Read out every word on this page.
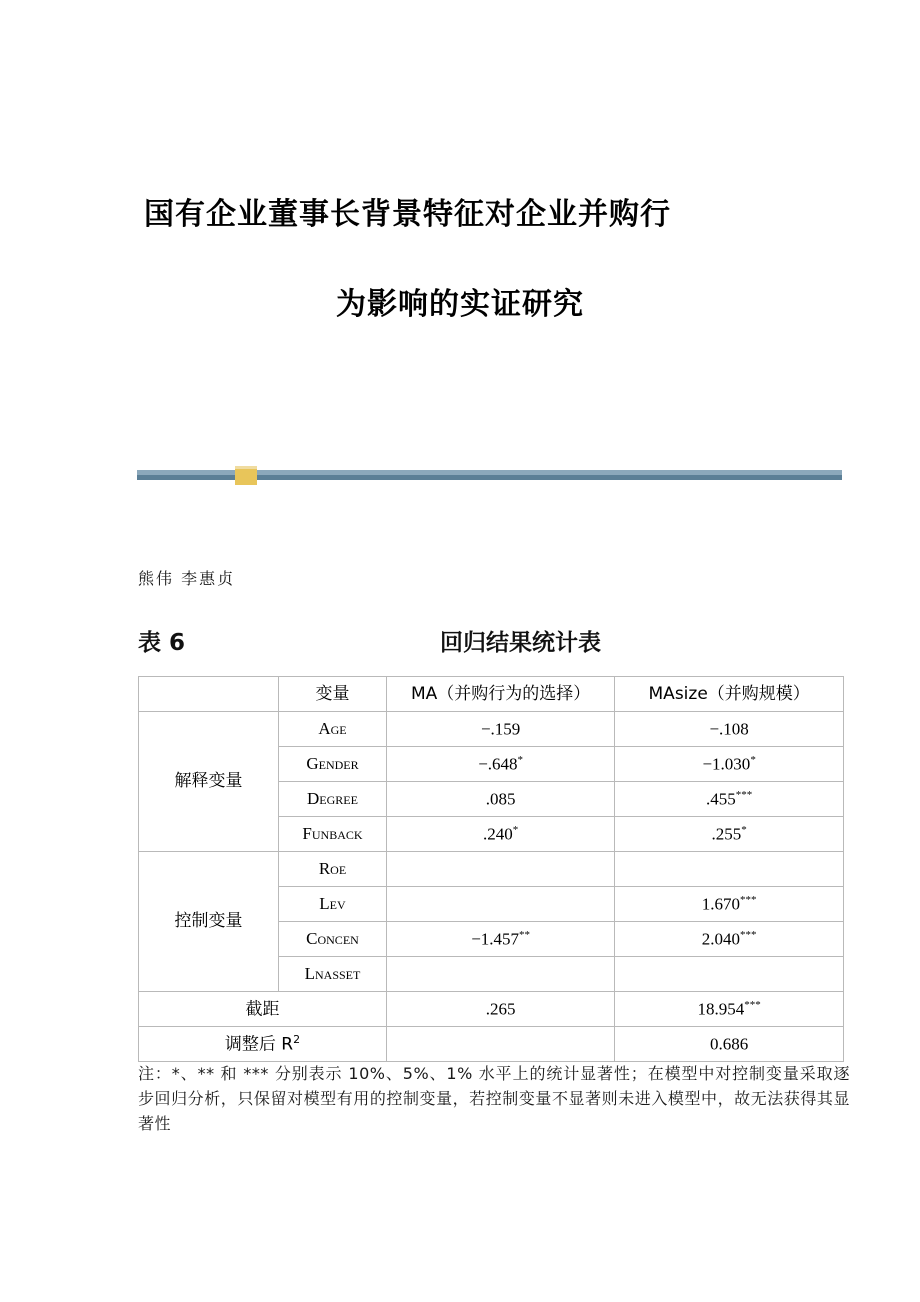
国有企业董事长背景特征对企业并购行
为影响的实证研究
熊伟 李惠贞
表 6	回归结果统计表
	变量	MA（并购行为的选择）	MAsize（并购规模）
解释变量	Age	−.159	−.108
	Gender	−.648*	−1.030*
	Degree	.085	.455***
	Funback	.240*	.255*
控制变量	Roe		
	Lev		1.670***
	Concen	−1.457**	2.040***
	Lnasset		
截距		.265	18.954***
调整后 $R^2$			0.686
注：*、** 和 *** 分别表示 10%、5%、1% 水平上的统计显著性；在模型中对控制变量采取逐步回归分析，只保留对模型有用的控制变量，若控制变量不显著则未进入模型中，故无法获得其显著性
